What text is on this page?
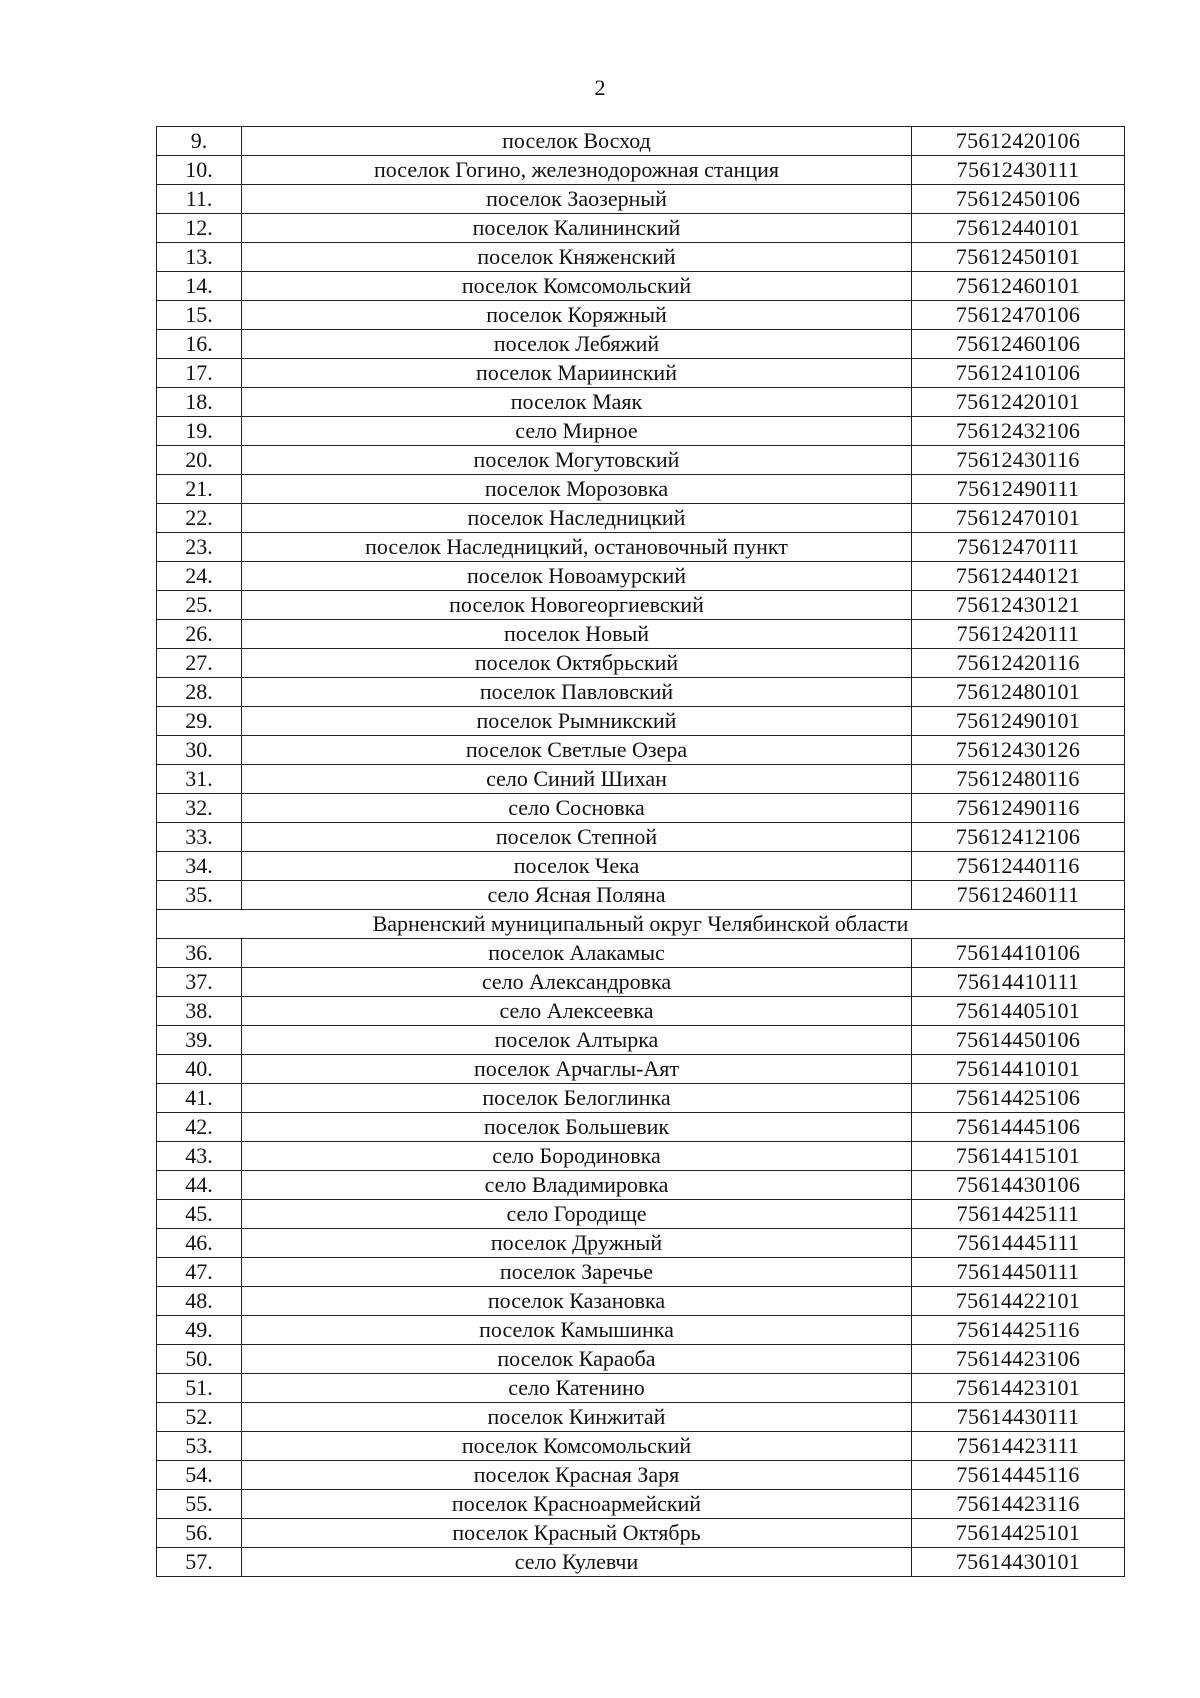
2
9.	поселок Восход	75612420106
10.	поселок Гогино, железнодорожная станция	75612430111
11.	поселок Заозерный	75612450106
12.	поселок Калининский	75612440101
13.	поселок Княженский	75612450101
14.	поселок Комсомольский	75612460101
15.	поселок Коряжный	75612470106
16.	поселок Лебяжий	75612460106
17.	поселок Мариинский	75612410106
18.	поселок Маяк	75612420101
19.	село Мирное	75612432106
20.	поселок Могутовский	75612430116
21.	поселок Морозовка	75612490111
22.	поселок Наследницкий	75612470101
23.	поселок Наследницкий, остановочный пункт	75612470111
24.	поселок Новоамурский	75612440121
25.	поселок Новогеоргиевский	75612430121
26.	поселок Новый	75612420111
27.	поселок Октябрьский	75612420116
28.	поселок Павловский	75612480101
29.	поселок Рымникский	75612490101
30.	поселок Светлые Озера	75612430126
31.	село Синий Шихан	75612480116
32.	село Сосновка	75612490116
33.	поселок Степной	75612412106
34.	поселок Чека	75612440116
35.	село Ясная Поляна	75612460111
Варненский муниципальный округ Челябинской области		
36.	поселок Алакамыс	75614410106
37.	село Александровка	75614410111
38.	село Алексеевка	75614405101
39.	поселок Алтырка	75614450106
40.	поселок Арчаглы-Аят	75614410101
41.	поселок Белоглинка	75614425106
42.	поселок Большевик	75614445106
43.	село Бородиновка	75614415101
44.	село Владимировка	75614430106
45.	село Городище	75614425111
46.	поселок Дружный	75614445111
47.	поселок Заречье	75614450111
48.	поселок Казановка	75614422101
49.	поселок Камышинка	75614425116
50.	поселок Караоба	75614423106
51.	село Катенино	75614423101
52.	поселок Кинжитай	75614430111
53.	поселок Комсомольский	75614423111
54.	поселок Красная Заря	75614445116
55.	поселок Красноармейский	75614423116
56.	поселок Красный Октябрь	75614425101
57.	село Кулевчи	75614430101
